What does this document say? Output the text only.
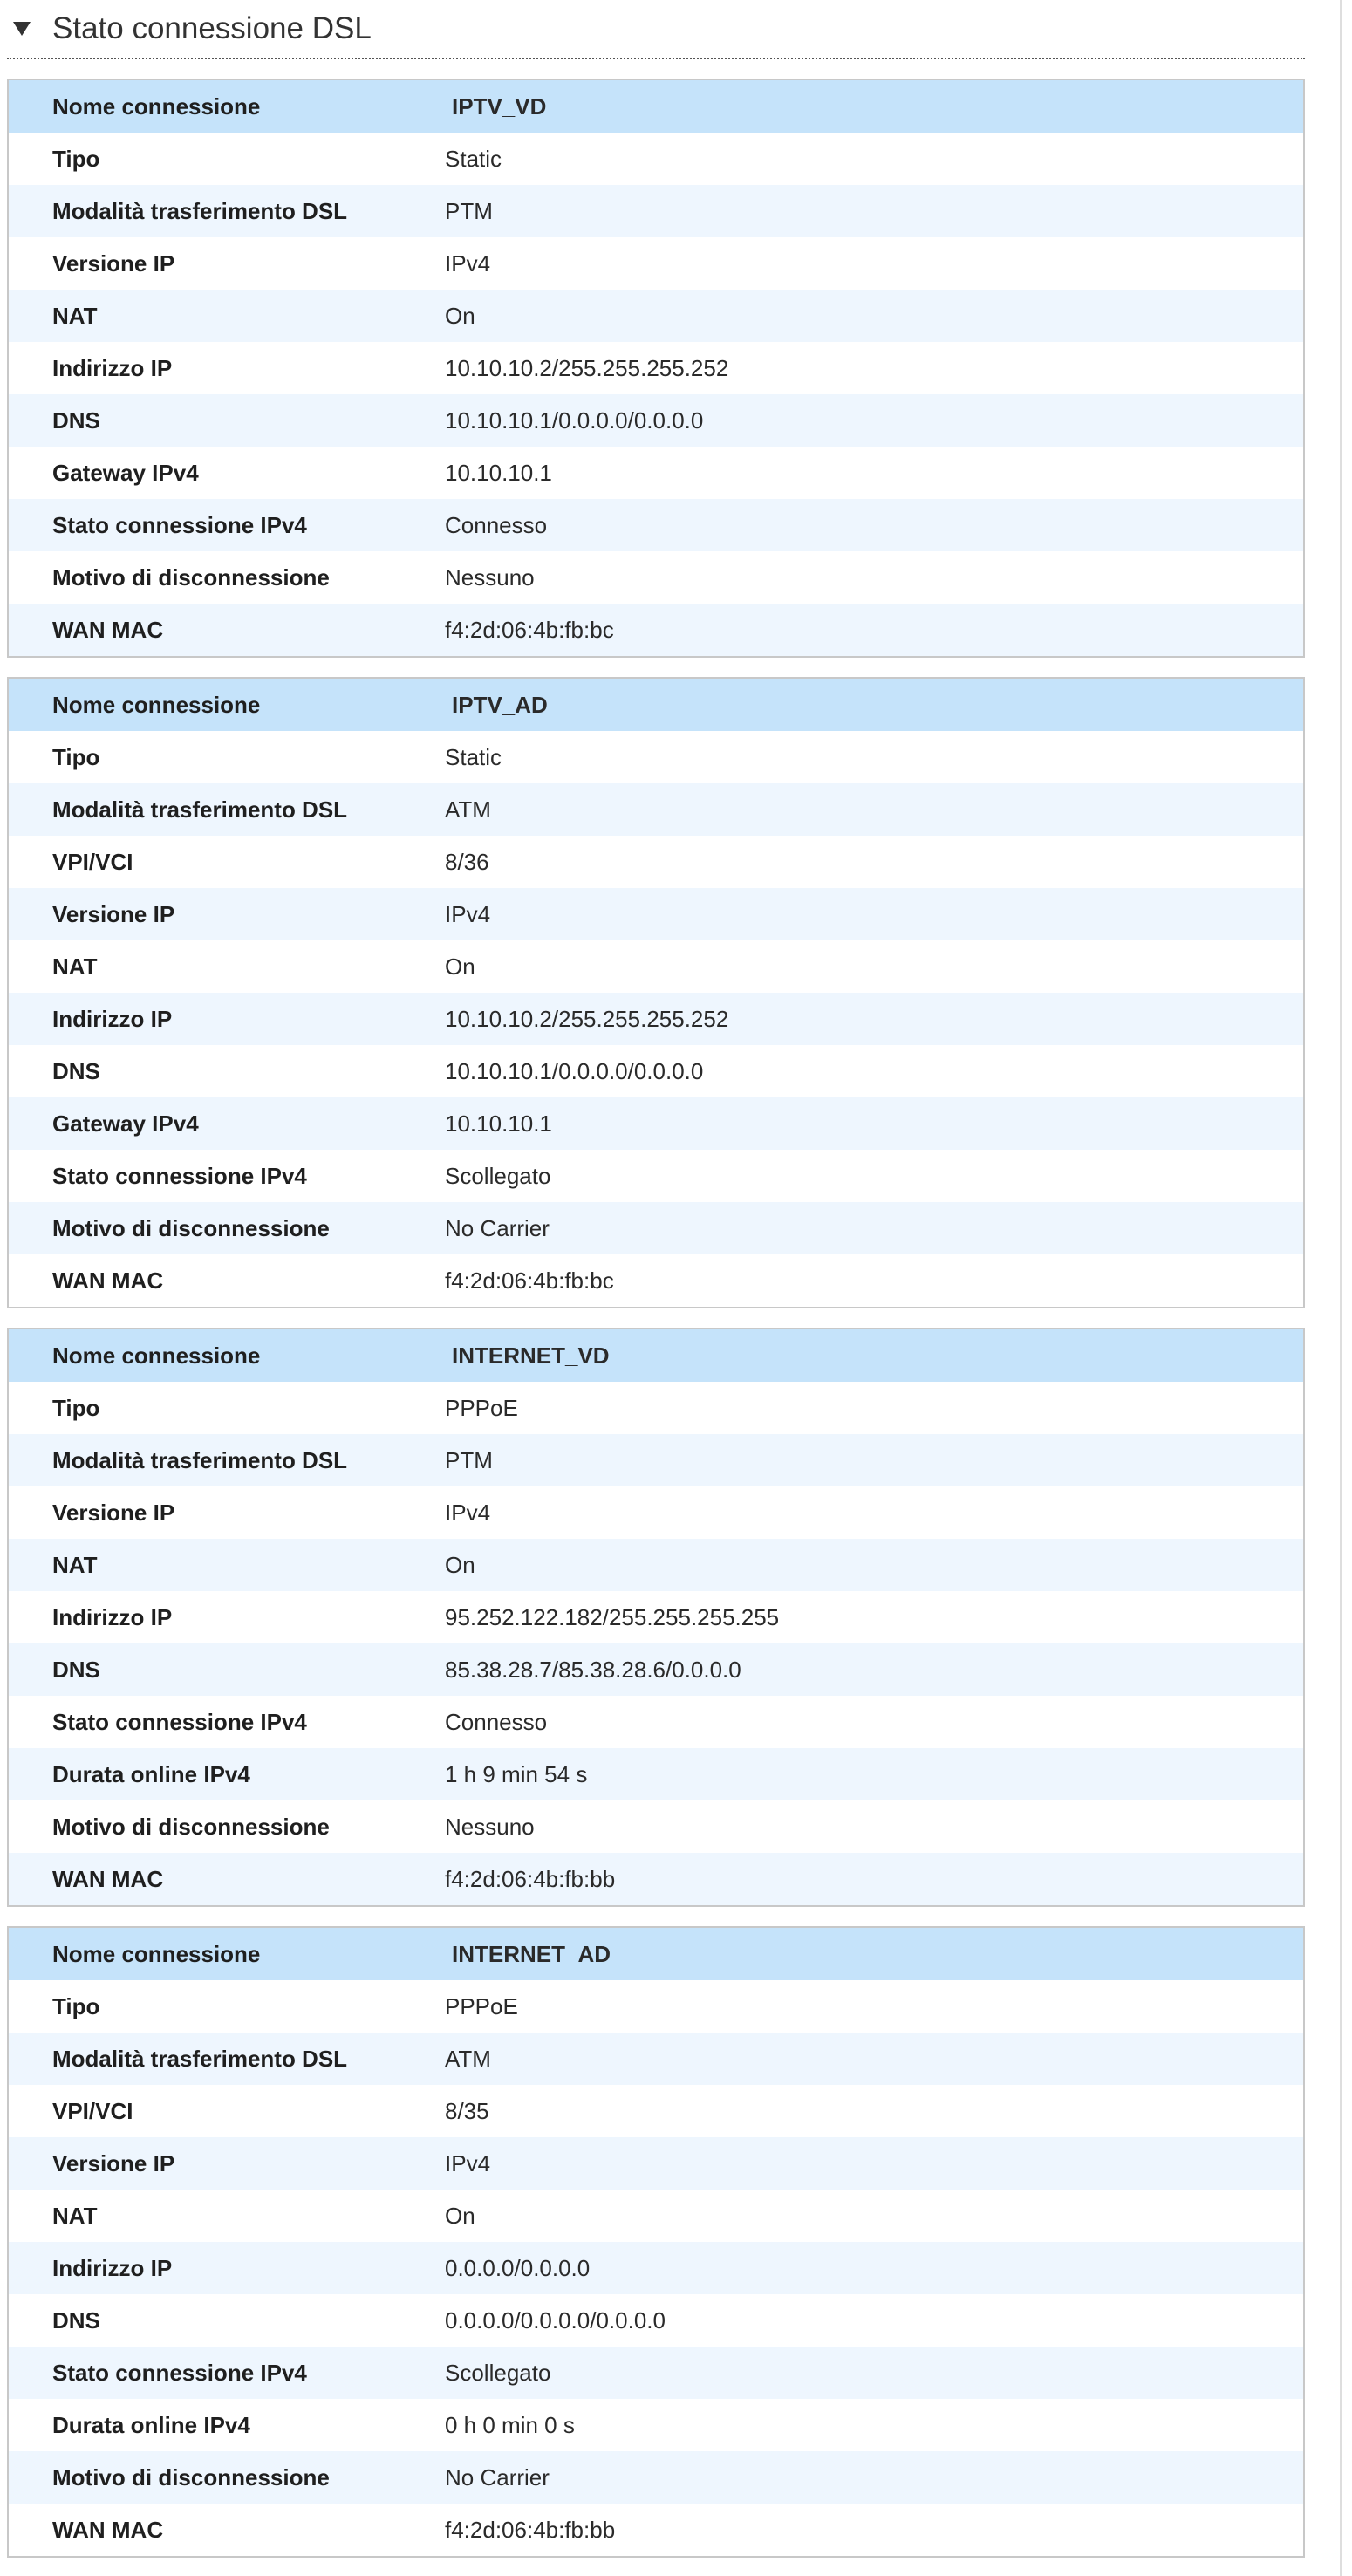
Stato connessione DSL
Nome connessione	IPTV_VD
Tipo	Static
Modalità trasferimento DSL	PTM
Versione IP	IPv4
NAT	On
Indirizzo IP	10.10.10.2/255.255.255.252
DNS	10.10.10.1/0.0.0.0/0.0.0.0
Gateway IPv4	10.10.10.1
Stato connessione IPv4	Connesso
Motivo di disconnessione	Nessuno
WAN MAC	f4:2d:06:4b:fb:bc
Nome connessione	IPTV_AD
Tipo	Static
Modalità trasferimento DSL	ATM
VPI/VCI	8/36
Versione IP	IPv4
NAT	On
Indirizzo IP	10.10.10.2/255.255.255.252
DNS	10.10.10.1/0.0.0.0/0.0.0.0
Gateway IPv4	10.10.10.1
Stato connessione IPv4	Scollegato
Motivo di disconnessione	No Carrier
WAN MAC	f4:2d:06:4b:fb:bc
Nome connessione	INTERNET_VD
Tipo	PPPoE
Modalità trasferimento DSL	PTM
Versione IP	IPv4
NAT	On
Indirizzo IP	95.252.122.182/255.255.255.255
DNS	85.38.28.7/85.38.28.6/0.0.0.0
Stato connessione IPv4	Connesso
Durata online IPv4	1 h 9 min 54 s
Motivo di disconnessione	Nessuno
WAN MAC	f4:2d:06:4b:fb:bb
Nome connessione	INTERNET_AD
Tipo	PPPoE
Modalità trasferimento DSL	ATM
VPI/VCI	8/35
Versione IP	IPv4
NAT	On
Indirizzo IP	0.0.0.0/0.0.0.0
DNS	0.0.0.0/0.0.0.0/0.0.0.0
Stato connessione IPv4	Scollegato
Durata online IPv4	0 h 0 min 0 s
Motivo di disconnessione	No Carrier
WAN MAC	f4:2d:06:4b:fb:bb
